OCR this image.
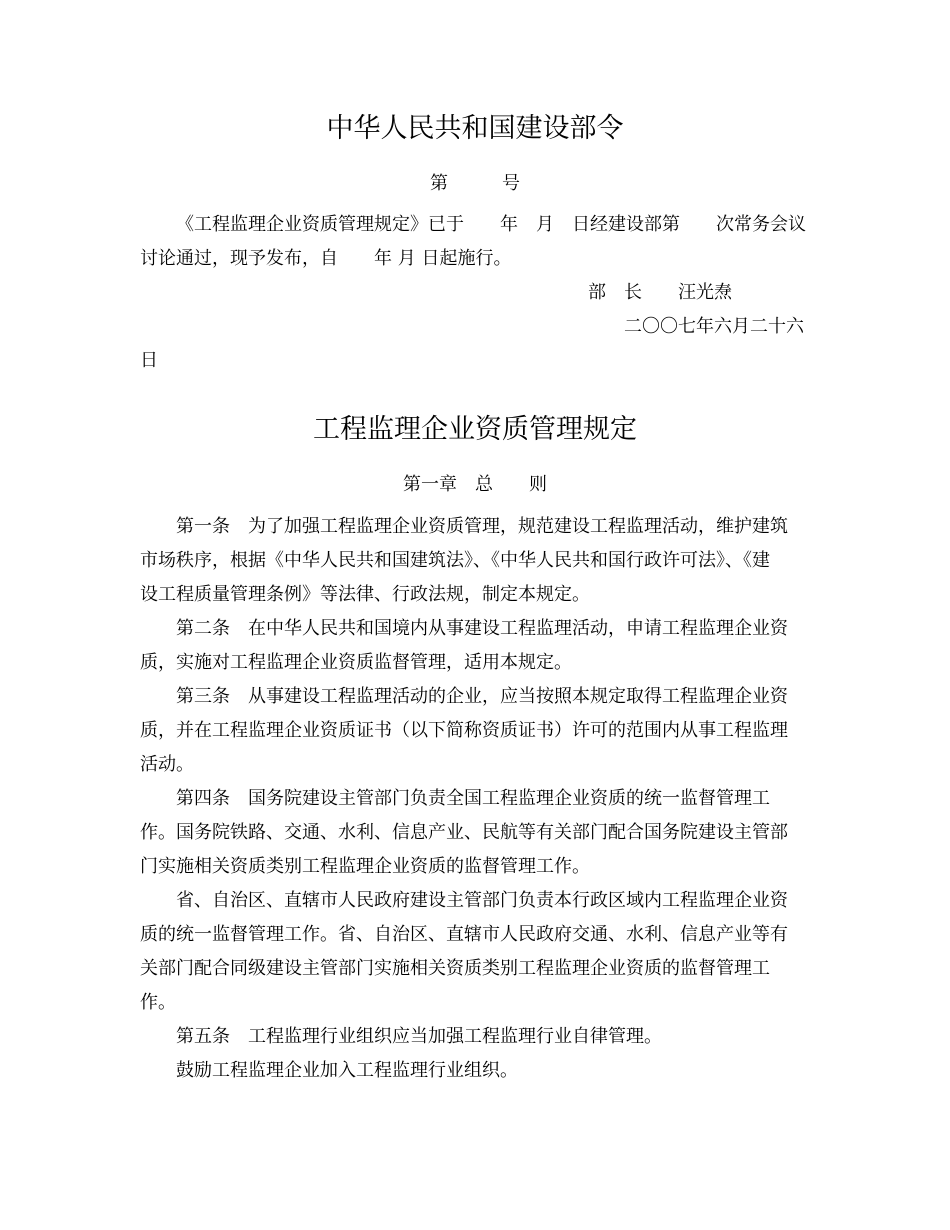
中华人民共和国建设部令
第　　　号
《工程监理企业资质管理规定》已于　　年　月　日经建设部第　　次常务会议
讨论通过，现予发布，自　　年 月 日起施行。
部　长　　汪光焘
二〇〇七年六月二十六
日
工程监理企业资质管理规定
第一章　总　　则
第一条　为了加强工程监理企业资质管理，规范建设工程监理活动，维护建筑
市场秩序，根据《中华人民共和国建筑法》、《中华人民共和国行政许可法》、《建
设工程质量管理条例》等法律、行政法规，制定本规定。
第二条　在中华人民共和国境内从事建设工程监理活动，申请工程监理企业资
质，实施对工程监理企业资质监督管理，适用本规定。
第三条　从事建设工程监理活动的企业，应当按照本规定取得工程监理企业资
质，并在工程监理企业资质证书（以下简称资质证书）许可的范围内从事工程监理
活动。
第四条　国务院建设主管部门负责全国工程监理企业资质的统一监督管理工
作。国务院铁路、交通、水利、信息产业、民航等有关部门配合国务院建设主管部
门实施相关资质类别工程监理企业资质的监督管理工作。
省、自治区、直辖市人民政府建设主管部门负责本行政区域内工程监理企业资
质的统一监督管理工作。省、自治区、直辖市人民政府交通、水利、信息产业等有
关部门配合同级建设主管部门实施相关资质类别工程监理企业资质的监督管理工
作。
第五条　工程监理行业组织应当加强工程监理行业自律管理。
鼓励工程监理企业加入工程监理行业组织。
